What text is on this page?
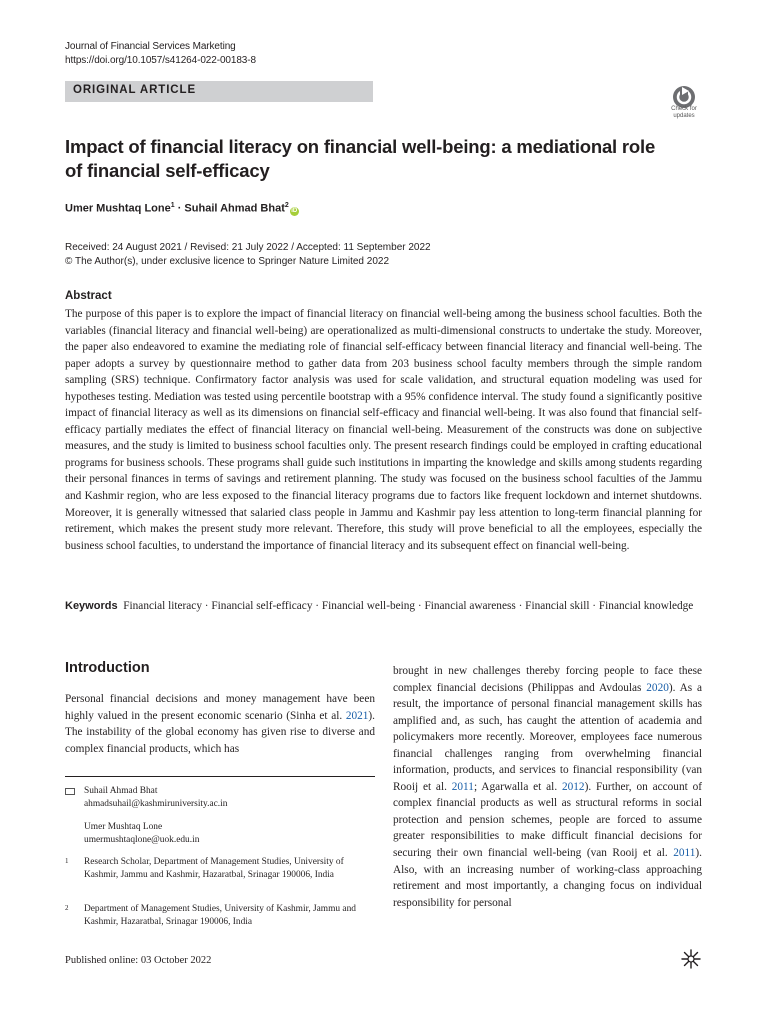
Journal of Financial Services Marketing
https://doi.org/10.1057/s41264-022-00183-8
ORIGINAL ARTICLE
Check for
updates
Impact of financial literacy on financial well-being: a mediational role
of financial self-efficacy
Umer Mushtaq Lone$^1$ · Suhail Ahmad Bhat$^2$iD
Received: 24 August 2021 / Revised: 21 July 2022 / Accepted: 11 September 2022
© The Author(s), under exclusive licence to Springer Nature Limited 2022
Abstract
The purpose of this paper is to explore the impact of financial literacy on financial well-being among the business school faculties. Both the variables (financial literacy and financial well-being) are operationalized as multi-dimensional constructs to undertake the study. Moreover, the paper also endeavored to examine the mediating role of financial self-efficacy between financial literacy and financial well-being. The paper adopts a survey by questionnaire method to gather data from 203 business school faculty members through the simple random sampling (SRS) technique. Confirmatory factor analysis was used for scale validation, and structural equation modeling was used for hypotheses testing. Mediation was tested using percentile bootstrap with a 95% confidence interval. The study found a significantly positive impact of financial literacy as well as its dimensions on financial self-efficacy and financial well-being. It was also found that financial self-efficacy partially mediates the effect of financial literacy on financial well-being. Measurement of the constructs was done on subjective measures, and the study is limited to business school faculties only. The present research findings could be employed in crafting educational programs for business schools. These programs shall guide such institutions in imparting the knowledge and skills among students regarding their personal finances in terms of savings and retirement planning. The study was focused on the business school faculties of the Jammu and Kashmir region, who are less exposed to the financial literacy programs due to factors like frequent lockdown and internet shutdowns. Moreover, it is generally witnessed that salaried class people in Jammu and Kashmir pay less attention to long-term financial planning for retirement, which makes the present study more relevant. Therefore, this study will prove beneficial to all the employees, especially the business school faculties, to understand the importance of financial literacy and its subsequent effect on financial well-being.
Keywords Financial literacy · Financial self-efficacy · Financial well-being · Financial awareness · Financial skill · Financial knowledge
Introduction
Personal financial decisions and money management have been highly valued in the present economic scenario (Sinha et al. 2021). The instability of the global economy has given rise to diverse and complex financial products, which has
brought in new challenges thereby forcing people to face these complex financial decisions (Philippas and Avdoulas 2020). As a result, the importance of personal financial management skills has amplified and, as such, has caught the attention of academia and policymakers more recently. Moreover, employees face numerous financial challenges ranging from overwhelming financial information, products, and services to financial responsibility (van Rooij et al. 2011; Agarwalla et al. 2012). Further, on account of complex financial products as well as structural reforms in social protection and pension schemes, people are forced to assume greater responsibilities to make difficult financial decisions for securing their own financial well-being (van Rooij et al. 2011). Also, with an increasing number of working-class approaching retirement and most importantly, a changing focus on individual responsibility for personal
Suhail Ahmad Bhat
ahmadsuhail@kashmiruniversity.ac.in
Umer Mushtaq Lone
umermushtaqlone@uok.edu.in
1 Research Scholar, Department of Management Studies, University of Kashmir, Jammu and Kashmir, Hazaratbal, Srinagar 190006, India
2 Department of Management Studies, University of Kashmir, Jammu and Kashmir, Hazaratbal, Srinagar 190006, India
Published online: 03 October 2022
